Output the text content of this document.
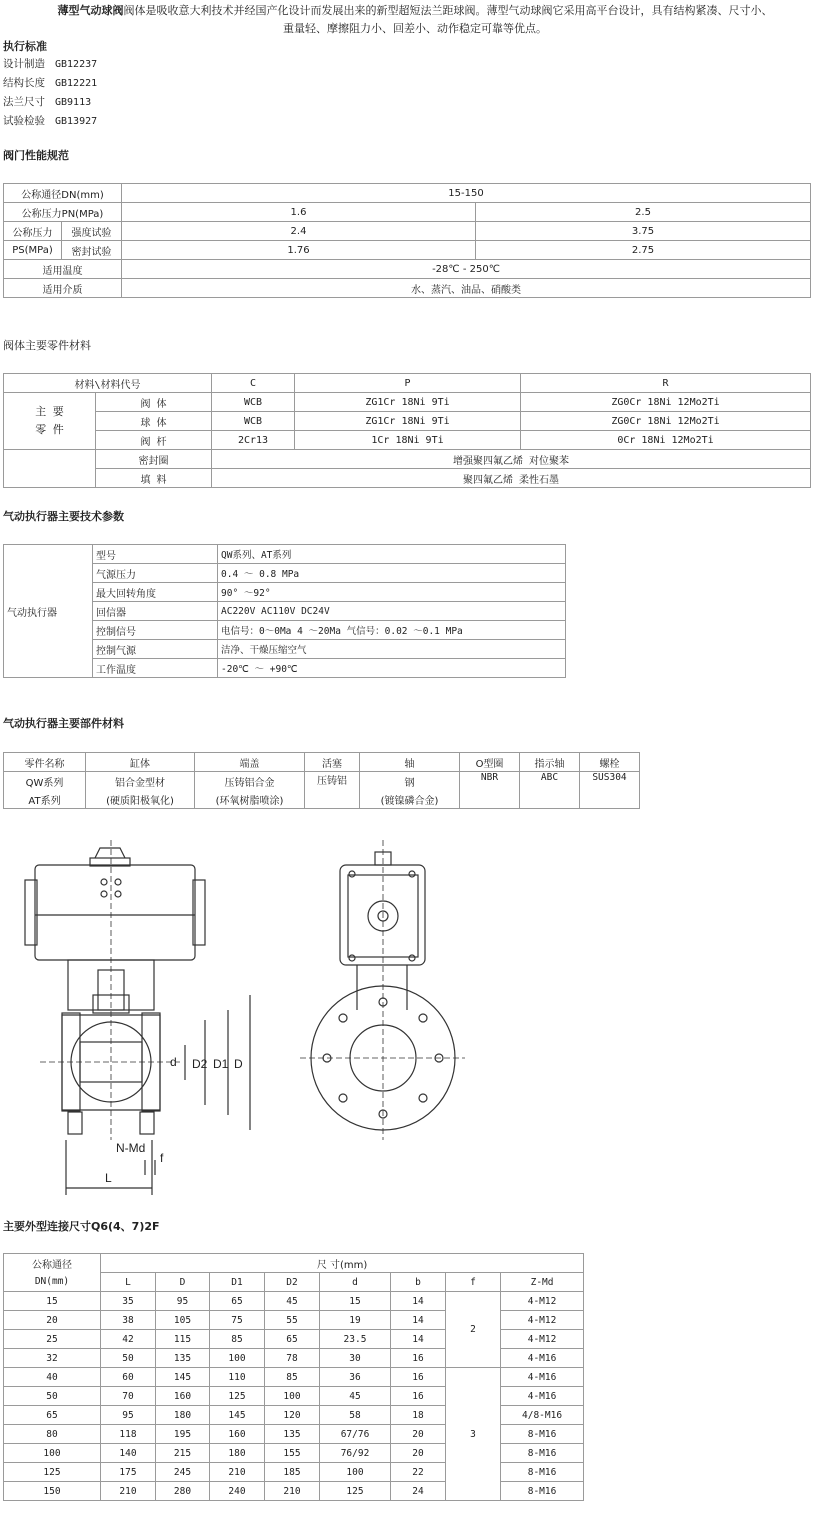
薄型气动球阀阀体是吸收意大利技术并经国产化设计而发展出来的新型超短法兰距球阀。薄型气动球阀它采用高平台设计，具有结构紧凑、尺寸小、
重量轻、摩擦阻力小、回差小、动作稳定可靠等优点。
执行标准
设计制造 GB12237
结构长度 GB12221
法兰尺寸 GB9113
试验检验 GB13927
阀门性能规范
公称通径DN(mm)		15-150	
公称压力PN(MPa)		1.6	2.5
公称压力	强度试验	2.4	3.75
PS(MPa)	密封试验	1.76	2.75
适用温度		-28℃ - 250℃	
适用介质		水、蒸汽、油品、硝酸类	
阀体主要零件材料
材料\材料代号		C	P	R
主 要
零 件	阀 体	WCB	ZG1Cr 18Ni 9Ti	ZG0Cr 18Ni 12Mo2Ti
	球 体	WCB	ZG1Cr 18Ni 9Ti	ZG0Cr 18Ni 12Mo2Ti
	阀 杆	2Cr13	1Cr 18Ni 9Ti	0Cr 18Ni 12Mo2Ti
	密封圈	增强聚四氟乙烯 对位聚苯		
	填 料	聚四氟乙烯 柔性石墨		
气动执行器主要技术参数
气动执行器	型号	QW系列、AT系列
	气源压力	0.4 ～ 0.8 MPa
	最大回转角度	90° ～92°
	回信器	AC220V AC110V DC24V
	控制信号	电信号：0～0Ma 4 ～20Ma 气信号：0.02 ～0.1 MPa
	控制气源	洁净、干燥压缩空气
	工作温度	-20℃ ～ +90℃
气动执行器主要部件材料
零件名称	缸体	端盖	活塞	轴	O型圈	指示轴	螺栓
QW系列	铝合金型材	压铸铝合金	压铸铝	钢	NBR	ABC	SUS304
AT系列	(硬质阳极氧化)	(环氧树脂喷涂)		(镀镍磷合金)			
d D2 D1 D
N-Md
f
L
主要外型连接尺寸Q6(4、7)2F
公称通径	尺 寸(mm)							
DN(mm)	L	D	D1	D2	d	b	f	Z-Md
15	35	95	65	45	15	14	2	4-M12
20	38	105	75	55	19	14		4-M12
25	42	115	85	65	23.5	14		4-M12
32	50	135	100	78	30	16		4-M16
40	60	145	110	85	36	16	3	4-M16
50	70	160	125	100	45	16		4-M16
65	95	180	145	120	58	18		4/8-M16
80	118	195	160	135	67/76	20		8-M16
100	140	215	180	155	76/92	20		8-M16
125	175	245	210	185	100	22		8-M16
150	210	280	240	210	125	24		8-M16
